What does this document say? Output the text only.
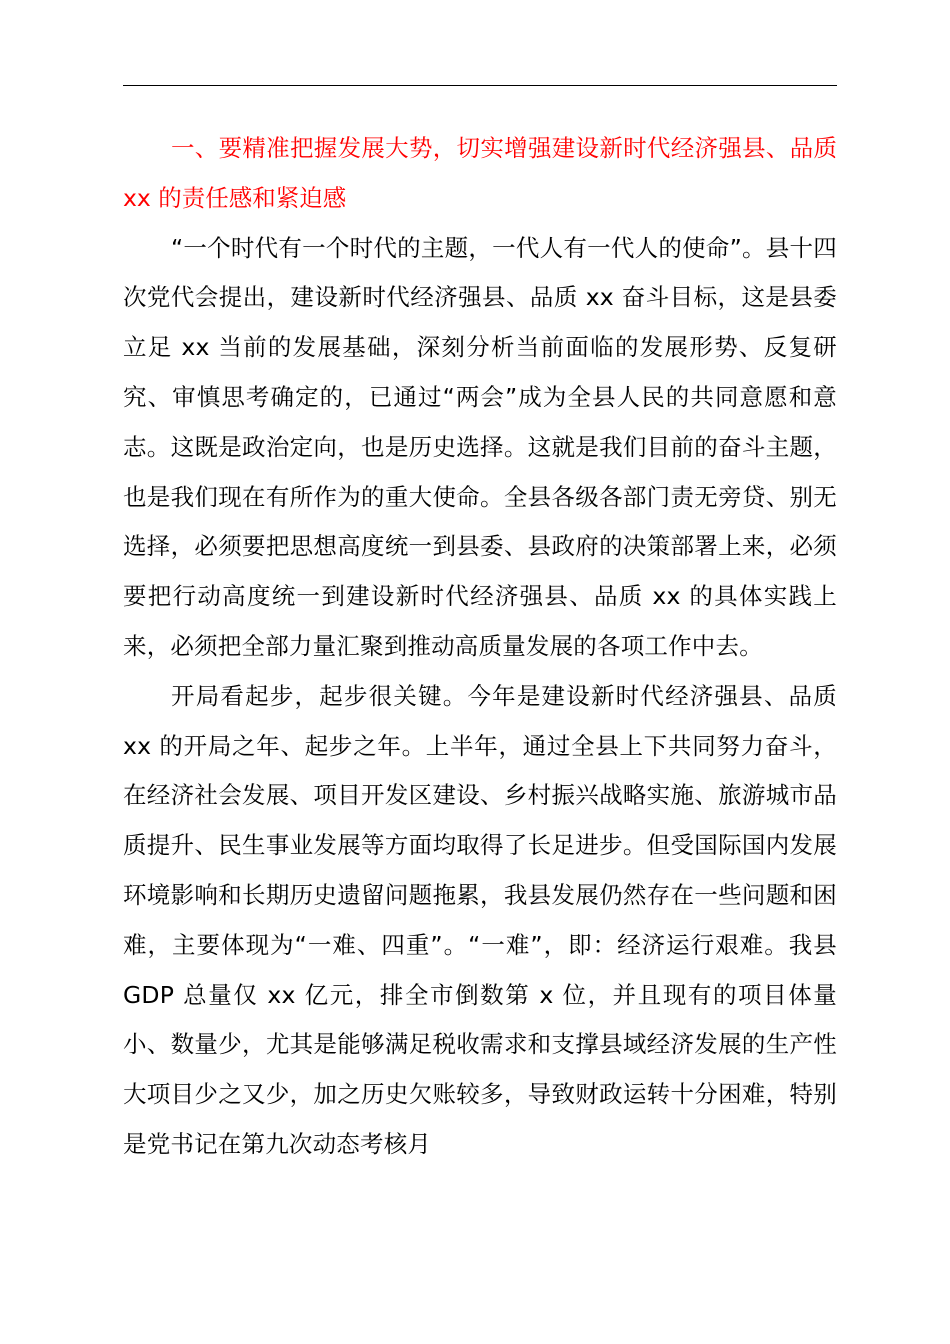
一、要精准把握发展大势，切实增强建设新时代经济强县、品质 xx 的责任感和紧迫感

“一个时代有一个时代的主题，一代人有一代人的使命”。县十四次党代会提出，建设新时代经济强县、品质 xx 奋斗目标，这是县委立足 xx 当前的发展基础，深刻分析当前面临的发展形势、反复研究、审慎思考确定的，已通过“两会”成为全县人民的共同意愿和意志。这既是政治定向，也是历史选择。这就是我们目前的奋斗主题，也是我们现在有所作为的重大使命。全县各级各部门责无旁贷、别无选择，必须要把思想高度统一到县委、县政府的决策部署上来，必须要把行动高度统一到建设新时代经济强县、品质 xx 的具体实践上来，必须把全部力量汇聚到推动高质量发展的各项工作中去。

开局看起步，起步很关键。今年是建设新时代经济强县、品质 xx 的开局之年、起步之年。上半年，通过全县上下共同努力奋斗，在经济社会发展、项目开发区建设、乡村振兴战略实施、旅游城市品质提升、民生事业发展等方面均取得了长足进步。但受国际国内发展环境影响和长期历史遗留问题拖累，我县发展仍然存在一些问题和困难，主要体现为“一难、四重”。“一难”，即：经济运行艰难。我县 GDP 总量仅 xx 亿元，排全市倒数第 x 位，并且现有的项目体量小、数量少，尤其是能够满足税收需求和支撑县域经济发展的生产性大项目少之又少，加之历史欠账较多，导致财政运转十分困难，特别是党书记在第九次动态考核月
